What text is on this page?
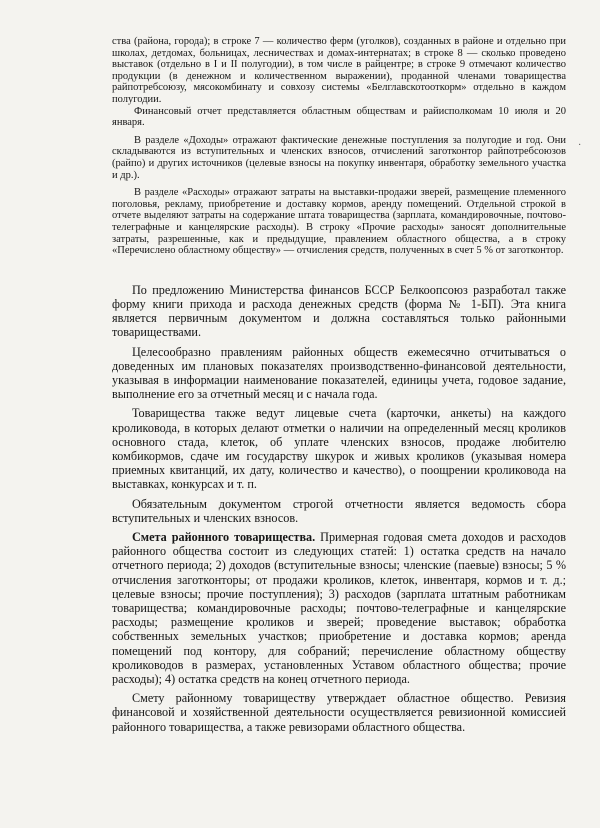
ства (района, города); в строке 7 — количество ферм (уголков), созданных в районе и отдельно при школах, детдомах, больницах, лесничествах и домах-интернатах; в строке 8 — сколько проведено выставок (отдельно в I и II полугодии), в том числе в райцентре; в строке 9 отмечают количество продукции (в денежном и количественном выражении), проданной членами товарищества райпотребсоюзу, мясокомбинату и совхозу системы «Белглавскотооткорм» отдельно в каждом полугодии.

Финансовый отчет представляется областным обществам и райисполкомам 10 июля и 20 января.

В разделе «Доходы» отражают фактические денежные поступления за полугодие и год. Они складываются из вступительных и членских взносов, отчислений заготконтор райпотребсоюзов (райпо) и других источников (целевые взносы на покупку инвентаря, обработку земельного участка и др.).

В разделе «Расходы» отражают затраты на выставки-продажи зверей, размещение племенного поголовья, рекламу, приобретение и доставку кормов, аренду помещений. Отдельной строкой в отчете выделяют затраты на содержание штата товарищества (зарплата, командировочные, почтово-телеграфные и канцелярские расходы). В строку «Прочие расходы» заносят дополнительные затраты, разрешенные, как и предыдущие, правлением областного общества, а в строку «Перечислено областному обществу» — отчисления средств, полученных в счет 5 % от заготконтор.

По предложению Министерства финансов БССР Белкоопсоюз разработал также форму книги прихода и расхода денежных средств (форма № 1-БП). Эта книга является первичным документом и должна составляться только районными товариществами.

Целесообразно правлениям районных обществ ежемесячно отчитываться о доведенных им плановых показателях производственно-финансовой деятельности, указывая в информации наименование показателей, единицы учета, годовое задание, выполнение его за отчетный месяц и с начала года.

Товарищества также ведут лицевые счета (карточки, анкеты) на каждого кроликовода, в которых делают отметки о наличии на определенный месяц кроликов основного стада, клеток, об уплате членских взносов, продаже любителю комбикормов, сдаче им государству шкурок и живых кроликов (указывая номера приемных квитанций, их дату, количество и качество), о поощрении кроликовода на выставках, конкурсах и т. п.

Обязательным документом строгой отчетности является ведомость сбора вступительных и членских взносов.

Смета районного товарищества. Примерная годовая смета доходов и расходов районного общества состоит из следующих статей: 1) остатка средств на начало отчетного периода; 2) доходов (вступительные взносы; членские (паевые) взносы; 5 % отчисления заготконторы; от продажи кроликов, клеток, инвентаря, кормов и т. д.; целевые взносы; прочие поступления); 3) расходов (зарплата штатным работникам товарищества; командировочные расходы; почтово-телеграфные и канцелярские расходы; размещение кроликов и зверей; проведение выставок; обработка собственных земельных участков; приобретение и доставка кормов; аренда помещений под контору, для собраний; перечисление областному обществу кролиководов в размерах, установленных Уставом областного общества; прочие расходы); 4) остатка средств на конец отчетного периода.

Смету районному товариществу утверждает областное общество. Ревизия финансовой и хозяйственной деятельности осуществляется ревизионной комиссией районного товарищества, а также ревизорами областного общества.

·
